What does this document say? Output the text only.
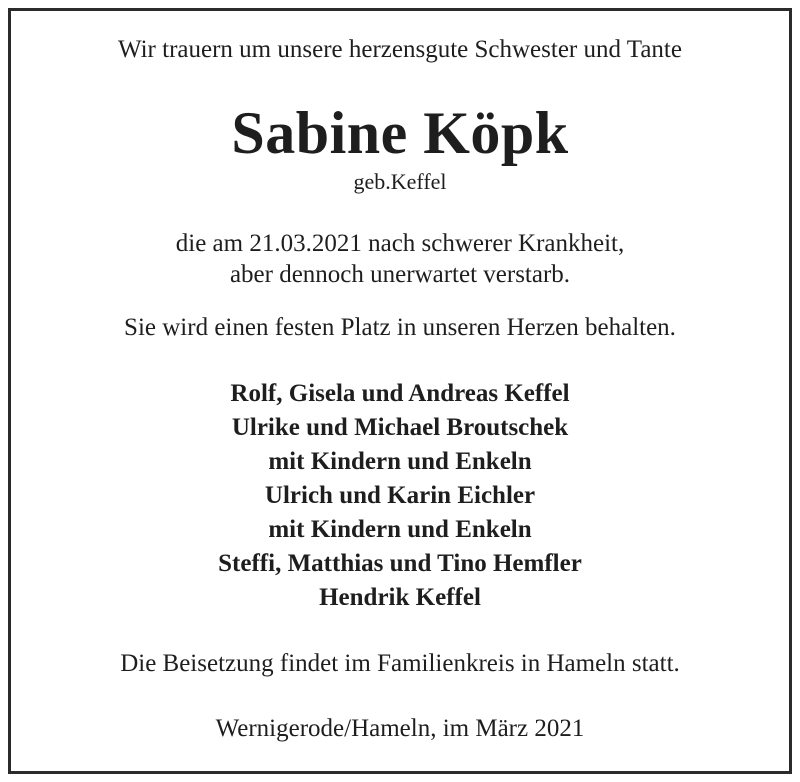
Wir trauern um unsere herzensgute Schwester und Tante

Sabine Köpk

geb.Keffel

die am 21.03.2021 nach schwerer Krankheit,

aber dennoch unerwartet verstarb.

Sie wird einen festen Platz in unseren Herzen behalten.

Rolf, Gisela und Andreas Keffel
Ulrike und Michael Broutschek
mit Kindern und Enkeln
Ulrich und Karin Eichler
mit Kindern und Enkeln
Steffi, Matthias und Tino Hemfler
Hendrik Keffel

Die Beisetzung findet im Familienkreis in Hameln statt.

Wernigerode/Hameln, im März 2021
